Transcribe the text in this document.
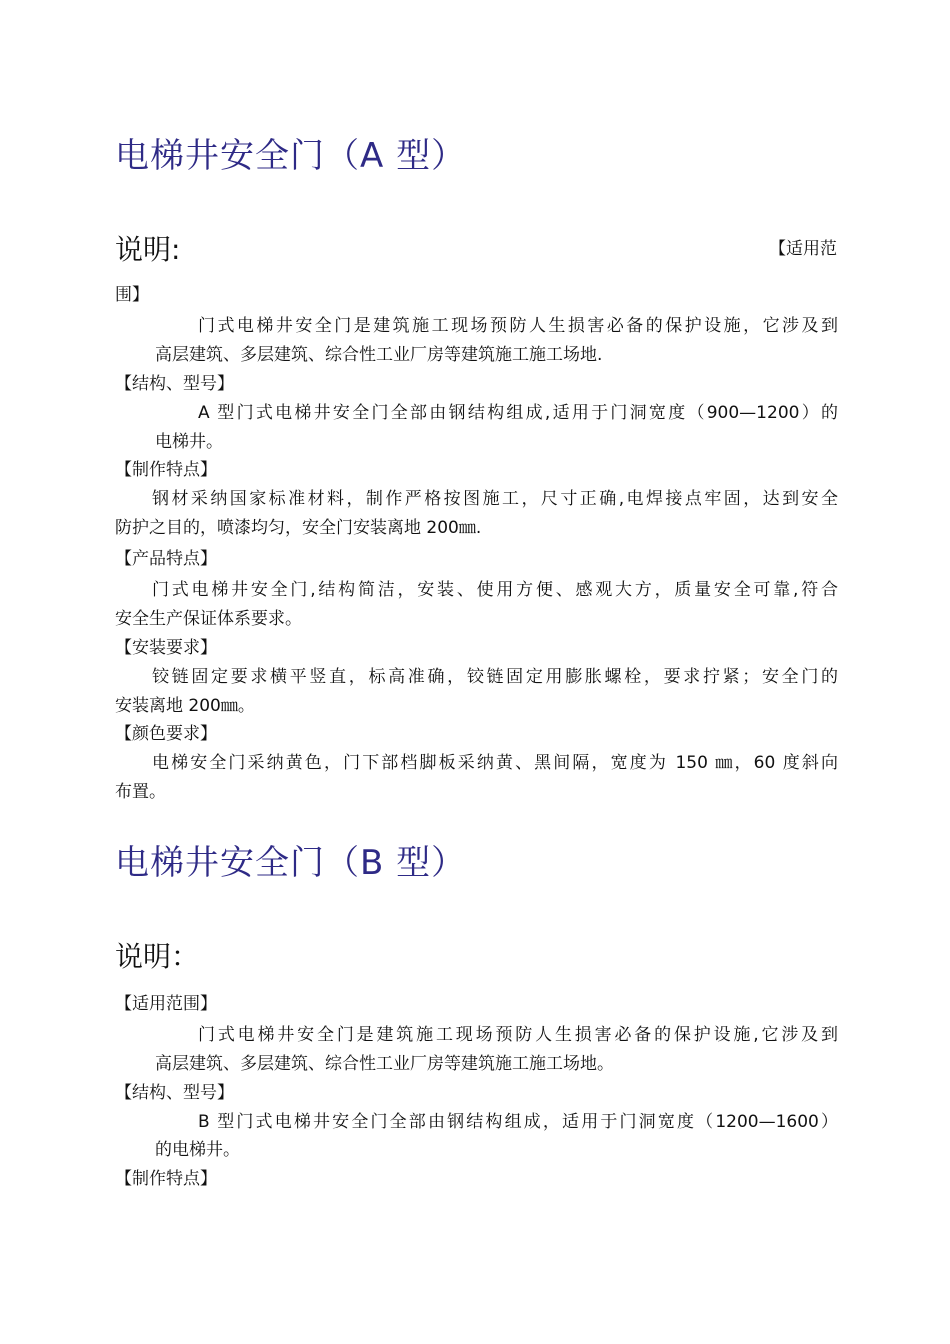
电梯井安全门（A 型）
说明:	【适用范
围】
门式电梯井安全门是建筑施工现场预防人生损害必备的保护设施，它涉及到
高层建筑、多层建筑、综合性工业厂房等建筑施工施工场地.
【结构、型号】
A 型门式电梯井安全门全部由钢结构组成,适用于门洞宽度（900—1200）的
电梯井。
【制作特点】
钢材采纳国家标准材料，制作严格按图施工，尺寸正确,电焊接点牢固，达到安全
防护之目的，喷漆均匀，安全门安装离地 200㎜.
【产品特点】
门式电梯井安全门,结构简洁，安装、使用方便、感观大方，质量安全可靠,符合
安全生产保证体系要求。
【安装要求】
铰链固定要求横平竖直，标高准确，铰链固定用膨胀螺栓，要求拧紧；安全门的
安装离地 200㎜。
【颜色要求】
电梯安全门采纳黄色，门下部档脚板采纳黄、黑间隔，宽度为 150 ㎜，60 度斜向
布置。
电梯井安全门（B 型）
说明：
【适用范围】
门式电梯井安全门是建筑施工现场预防人生损害必备的保护设施,它涉及到
高层建筑、多层建筑、综合性工业厂房等建筑施工施工场地。
【结构、型号】
B 型门式电梯井安全门全部由钢结构组成，适用于门洞宽度（1200—1600）
的电梯井。
【制作特点】
